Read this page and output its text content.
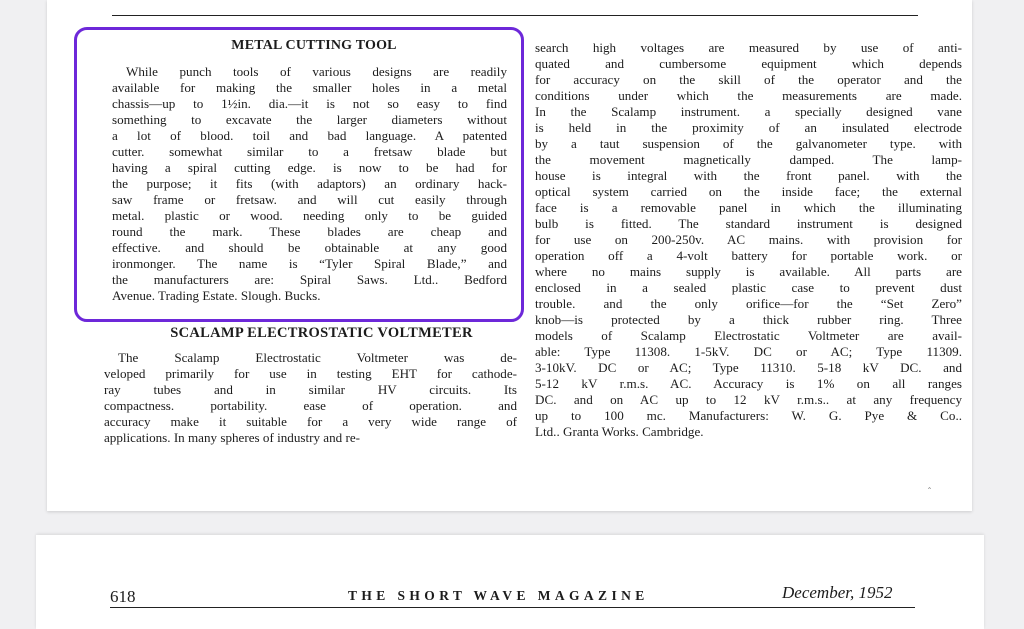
METAL CUTTING TOOL
While punch tools of various designs are readily
available for making the smaller holes in a metal
chassis—up to 1½in. dia.—it is not so easy to find
something to excavate the larger diameters without
a lot of blood. toil and bad language. A patented
cutter. somewhat similar to a fretsaw blade but
having a spiral cutting edge. is now to be had for
the purpose; it fits (with adaptors) an ordinary hack-
saw frame or fretsaw. and will cut easily through
metal. plastic or wood. needing only to be guided
round the mark. These blades are cheap and
effective. and should be obtainable at any good
ironmonger. The name is “Tyler Spiral Blade,” and
the manufacturers are: Spiral Saws. Ltd.. Bedford
Avenue. Trading Estate. Slough. Bucks.
SCALAMP ELECTROSTATIC VOLTMETER
The Scalamp Electrostatic Voltmeter was de-
veloped primarily for use in testing EHT for cathode-
ray tubes and in similar HV circuits. Its
compactness. portability. ease of operation. and
accuracy make it suitable for a very wide range of
applications. In many spheres of industry and re-
search high voltages are measured by use of anti-
quated and cumbersome equipment which depends
for accuracy on the skill of the operator and the
conditions under which the measurements are made.
In the Scalamp instrument. a specially designed vane
is held in the proximity of an insulated electrode
by a taut suspension of the galvanometer type. with
the movement magnetically damped. The lamp-
house is integral with the front panel. with the
optical system carried on the inside face; the external
face is a removable panel in which the illuminating
bulb is fitted. The standard instrument is designed
for use on 200-250v. AC mains. with provision for
operation off a 4-volt battery for portable work. or
where no mains supply is available. All parts are
enclosed in a sealed plastic case to prevent dust
trouble. and the only orifice—for the “Set Zero”
knob—is protected by a thick rubber ring. Three
models of Scalamp Electrostatic Voltmeter are avail-
able: Type 11308. 1-5kV. DC or AC; Type 11309.
3-10kV. DC or AC; Type 11310. 5-18 kV DC. and
5-12 kV r.m.s. AC. Accuracy is 1% on all ranges
DC. and on AC up to 12 kV r.m.s.. at any frequency
up to 100 mc. Manufacturers: W. G. Pye & Co..
Ltd.. Granta Works. Cambridge.
ˆ
618	THE SHORT WAVE MAGAZINE	December, 1952
